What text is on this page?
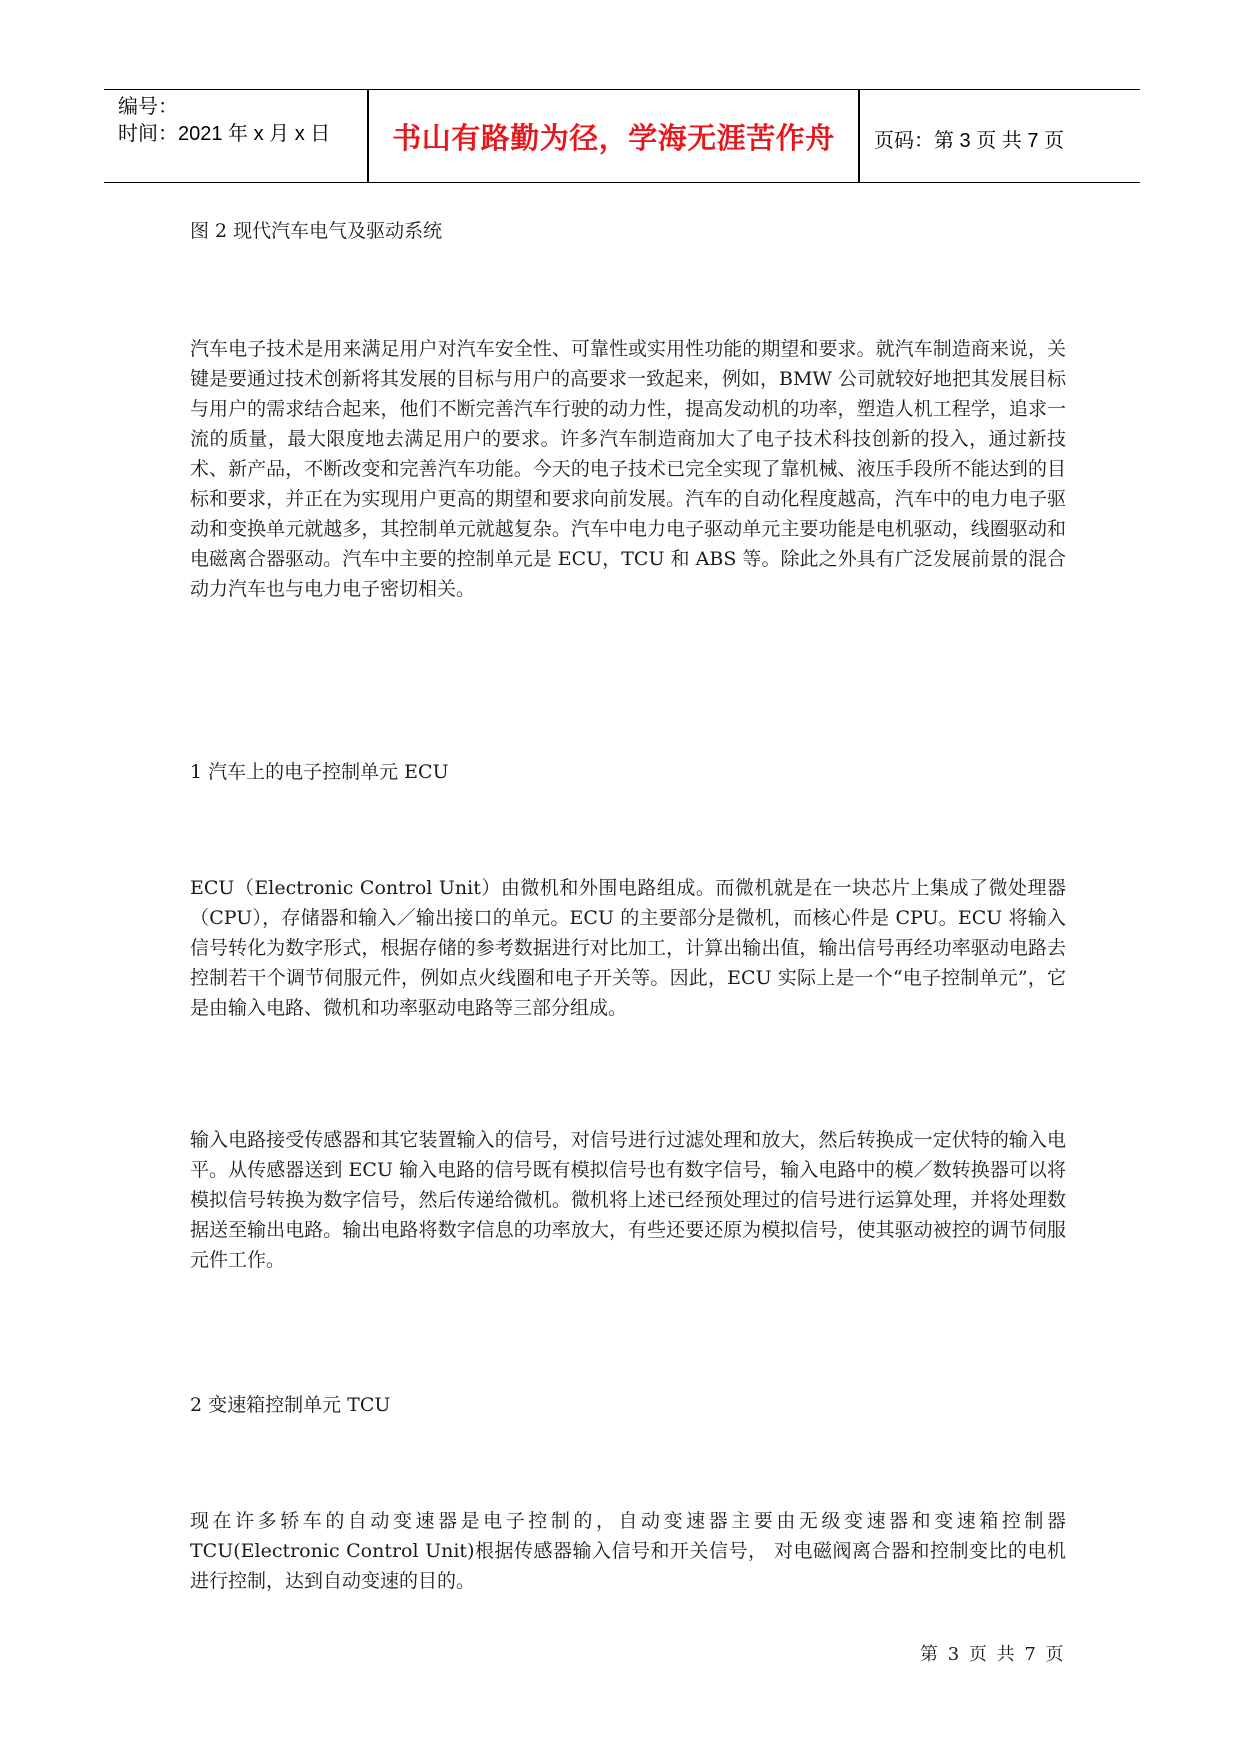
编号：
时间：2021 年 x 月 x 日	书山有路勤为径，学海无涯苦作舟	页码：第 3 页 共 7 页
图 2 现代汽车电气及驱动系统
汽车电子技术是用来满足用户对汽车安全性、可靠性或实用性功能的期望和要求。就汽车制造商来说，关键是要通过技术创新将其发展的目标与用户的高要求一致起来，例如，BMW 公司就较好地把其发展目标与用户的需求结合起来，他们不断完善汽车行驶的动力性，提高发动机的功率，塑造人机工程学，追求一流的质量，最大限度地去满足用户的要求。许多汽车制造商加大了电子技术科技创新的投入，通过新技术、新产品，不断改变和完善汽车功能。今天的电子技术已完全实现了靠机械、液压手段所不能达到的目标和要求，并正在为实现用户更高的期望和要求向前发展。汽车的自动化程度越高，汽车中的电力电子驱动和变换单元就越多，其控制单元就越复杂。汽车中电力电子驱动单元主要功能是电机驱动，线圈驱动和电磁离合器驱动。汽车中主要的控制单元是 ECU，TCU 和 ABS 等。除此之外具有广泛发展前景的混合动力汽车也与电力电子密切相关。
1 汽车上的电子控制单元 ECU
ECU（Electronic Control Unit）由微机和外围电路组成。而微机就是在一块芯片上集成了微处理器（CPU），存储器和输入／输出接口的单元。ECU 的主要部分是微机，而核心件是 CPU。ECU 将输入信号转化为数字形式，根据存储的参考数据进行对比加工，计算出输出值，输出信号再经功率驱动电路去控制若干个调节伺服元件，例如点火线圈和电子开关等。因此，ECU 实际上是一个“电子控制单元”，它是由输入电路、微机和功率驱动电路等三部分组成。
输入电路接受传感器和其它装置输入的信号，对信号进行过滤处理和放大，然后转换成一定伏特的输入电平。从传感器送到 ECU 输入电路的信号既有模拟信号也有数字信号，输入电路中的模／数转换器可以将模拟信号转换为数字信号，然后传递给微机。微机将上述已经预处理过的信号进行运算处理，并将处理数据送至输出电路。输出电路将数字信息的功率放大，有些还要还原为模拟信号，使其驱动被控的调节伺服元件工作。
2 变速箱控制单元 TCU
现在许多轿车的自动变速器是电子控制的，自动变速器主要由无级变速器和变速箱控制器 TCU(Electronic Control Unit)根据传感器输入信号和开关信号， 对电磁阀离合器和控制变比的电机进行控制，达到自动变速的目的。
第 3 页 共 7 页
